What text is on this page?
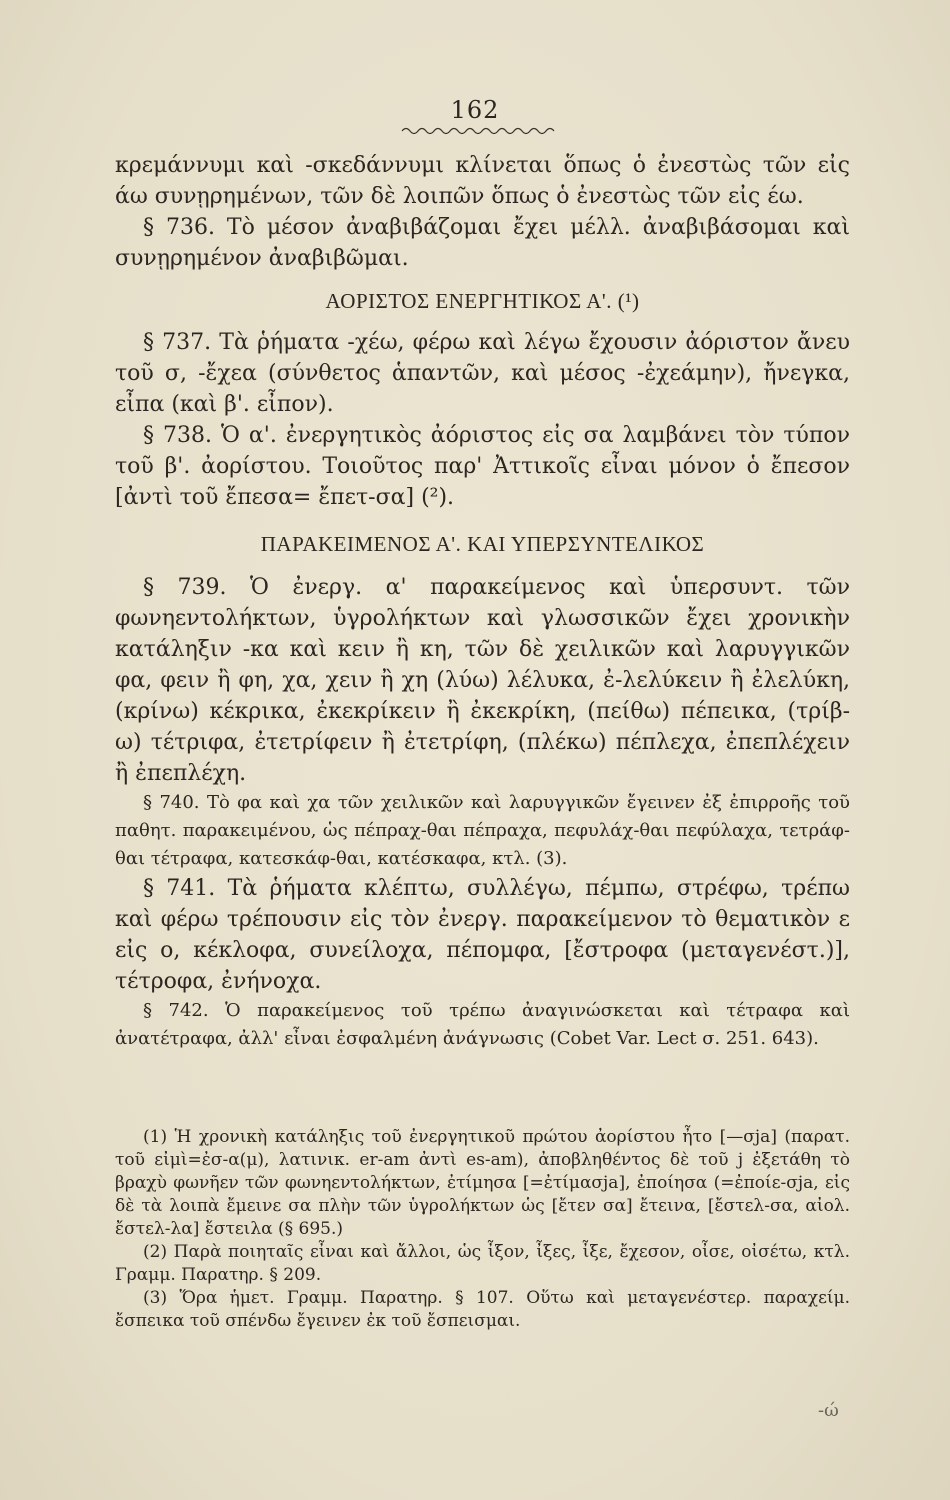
162

κρεμάννυμι καὶ -σκεδάννυμι κλίνεται ὅπως ὁ ἐνεστὼς τῶν εἰς άω συνῃρημένων, τῶν δὲ λοιπῶν ὅπως ὁ ἐνεστὼς τῶν εἰς έω.

§ 736. Τὸ μέσον ἀναβιβάζομαι ἔχει μέλλ. ἀναβιβάσομαι καὶ συνῃρημένον ἀναβιβῶμαι.

ΑΟΡΙΣΤΟΣ ΕΝΕΡΓΗΤΙΚΟΣ Α'. (¹)

§ 737. Τὰ ῥήματα -χέω, φέρω καὶ λέγω ἔχουσιν ἀόριστον ἄνευ τοῦ σ, -ἔχεα (σύνθετος ἁπαντῶν, καὶ μέσος -ἐχεάμην), ἤνεγκα, εἶπα (καὶ β'. εἶπον).

§ 738. Ὁ α'. ἐνεργητικὸς ἀόριστος εἰς σα λαμβάνει τὸν τύπον τοῦ β'. ἀορίστου. Τοιοῦτος παρ' Ἀττικοῖς εἶναι μόνον ὁ ἔπεσον [ἀντὶ τοῦ ἔπεσα= ἔπετ-σα] (²).

ΠΑΡΑΚΕΙΜΕΝΟΣ Α'. ΚΑΙ ΥΠΕΡΣΥΝΤΕΛΙΚΟΣ

§ 739. Ὁ ἐνεργ. α' παρακείμενος καὶ ὑπερσυντ. τῶν φωνηεντολήκτων, ὑγρολήκτων καὶ γλωσσικῶν ἔχει χρονικὴν κατάληξιν -κα καὶ κειν ἢ κη, τῶν δὲ χειλικῶν καὶ λαρυγγικῶν φα, φειν ἢ φη, χα, χειν ἢ χη (λύω) λέλυκα, ἐ-λελύκειν ἢ ἐλελύκη, (κρίνω) κέκρικα, ἐκεκρίκειν ἢ ἐκεκρίκη, (πείθω) πέπεικα, (τρίβ-ω) τέτριφα, ἐτετρίφειν ἢ ἐτετρίφη, (πλέκω) πέπλεχα, ἐπεπλέχειν ἢ ἐπεπλέχη.

§ 740. Τὸ φα καὶ χα τῶν χειλικῶν καὶ λαρυγγικῶν ἔγεινεν ἐξ ἐπιρροῆς τοῦ παθητ. παρακειμένου, ὡς πέπραχ-θαι πέπραχα, πεφυλάχ-θαι πεφύλαχα, τετράφ-θαι τέτραφα, κατεσκάφ-θαι, κατέσκαφα, κτλ. (3).

§ 741. Τὰ ῥήματα κλέπτω, συλλέγω, πέμπω, στρέφω, τρέπω καὶ φέρω τρέπουσιν εἰς τὸν ἐνεργ. παρακείμενον τὸ θεματικὸν ε εἰς ο, κέκλοφα, συνείλοχα, πέπομφα, [ἔστροφα (μεταγενέστ.)], τέτροφα, ἐνήνοχα.

§ 742. Ὁ παρακείμενος τοῦ τρέπω ἀναγινώσκεται καὶ τέτραφα καὶ ἀνατέτραφα, ἀλλ' εἶναι ἐσφαλμένη ἀνάγνωσις (Cobet Var. Lect σ. 251. 643).

(1) Ἡ χρονικὴ κατάληξις τοῦ ἐνεργητικοῦ πρώτου ἀορίστου ἦτο [—σja] (παρατ. τοῦ εἰμὶ=ἐσ-α(μ), λατινικ. er-am ἀντὶ es-am), ἀποβληθέντος δὲ τοῦ j ἐξετάθη τὸ βραχὺ φωνῆεν τῶν φωνηεντολήκτων, ἐτίμησα [=ἐτίμασja], ἐποίησα (=ἐποίε-σja, εἰς δὲ τὰ λοιπὰ ἔμεινε σα πλὴν τῶν ὑγρολήκτων ὡς [ἔτεν σα] ἔτεινα, [ἔστελ-σα, αἰολ. ἔστελ-λα] ἔστειλα (§ 695.)

(2) Παρὰ ποιηταῖς εἶναι καὶ ἄλλοι, ὡς ἶξον, ἶξες, ἶξε, ἔχεσον, οἶσε, οἰσέτω, κτλ. Γραμμ. Παρατηρ. § 209.

(3) Ὅρα ἡμετ. Γραμμ. Παρατηρ. § 107. Οὕτω καὶ μεταγενέστερ. παραχείμ. ἔσπεικα τοῦ σπένδω ἔγεινεν ἐκ τοῦ ἔσπεισμαι.

-ώ
